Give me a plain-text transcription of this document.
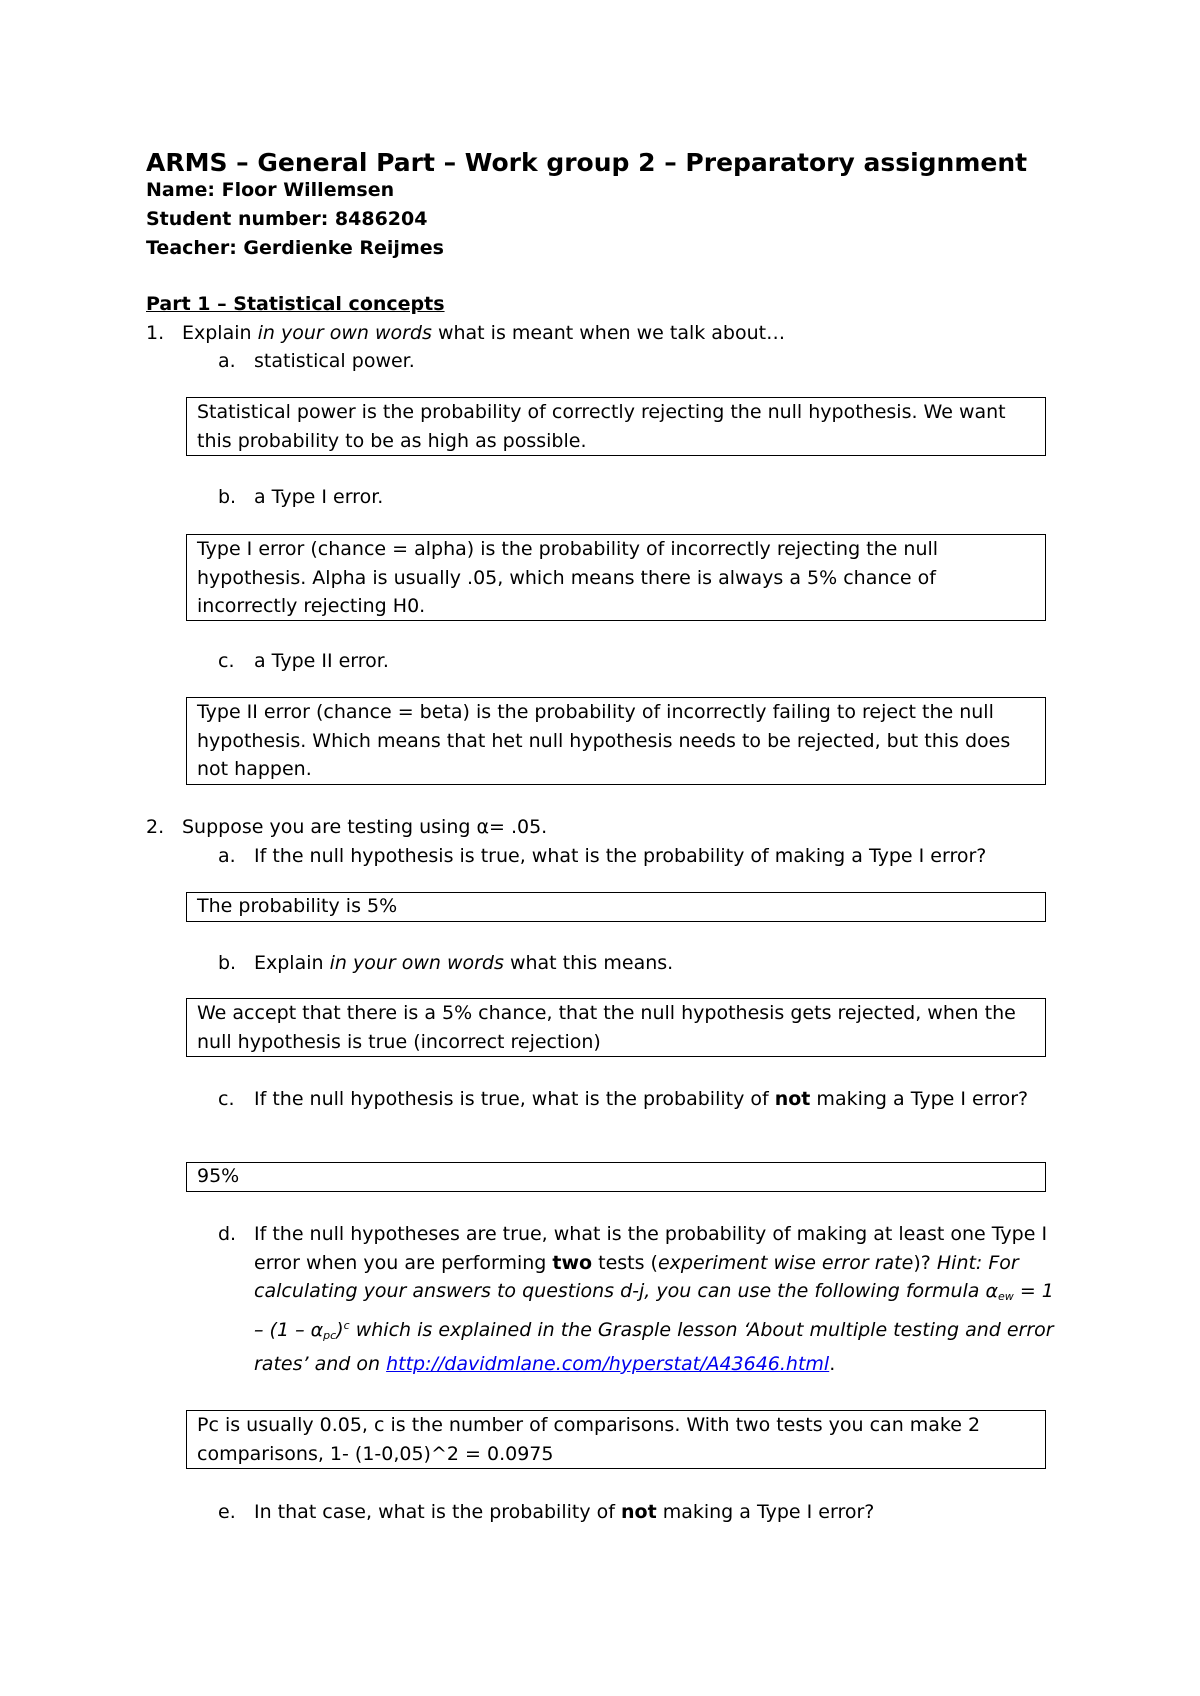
ARMS – General Part – Work group 2 – Preparatory assignment
Name: Floor Willemsen
Student number: 8486204
Teacher: Gerdienke Reijmes
Part 1 – Statistical concepts
1. Explain in your own words what is meant when we talk about…
a. statistical power.
Statistical power is the probability of correctly rejecting the null hypothesis. We want this probability to be as high as possible.
b. a Type I error.
Type I error (chance = alpha) is the probability of incorrectly rejecting the null hypothesis. Alpha is usually .05, which means there is always a 5% chance of incorrectly rejecting H0.
c. a Type II error.
Type II error (chance = beta) is the probability of incorrectly failing to reject the null hypothesis. Which means that het null hypothesis needs to be rejected, but this does not happen.
2. Suppose you are testing using α= .05.
a. If the null hypothesis is true, what is the probability of making a Type I error?
The probability is 5%
b. Explain in your own words what this means.
We accept that there is a 5% chance, that the null hypothesis gets rejected, when the null hypothesis is true (incorrect rejection)
c. If the null hypothesis is true, what is the probability of not making a Type I error?
95%
d. If the null hypotheses are true, what is the probability of making at least one Type I error when you are performing two tests (experiment wise error rate)? Hint: For calculating your answers to questions d-j, you can use the following formula αew = 1 – (1 – αpc)$^c$ which is explained in the Grasple lesson ‘About multiple testing and error rates’ and on http://davidmlane.com/hyperstat/A43646.html.
Pc is usually 0.05, c is the number of comparisons. With two tests you can make 2 comparisons, 1- (1-0,05)^2 = 0.0975
e. In that case, what is the probability of not making a Type I error?
